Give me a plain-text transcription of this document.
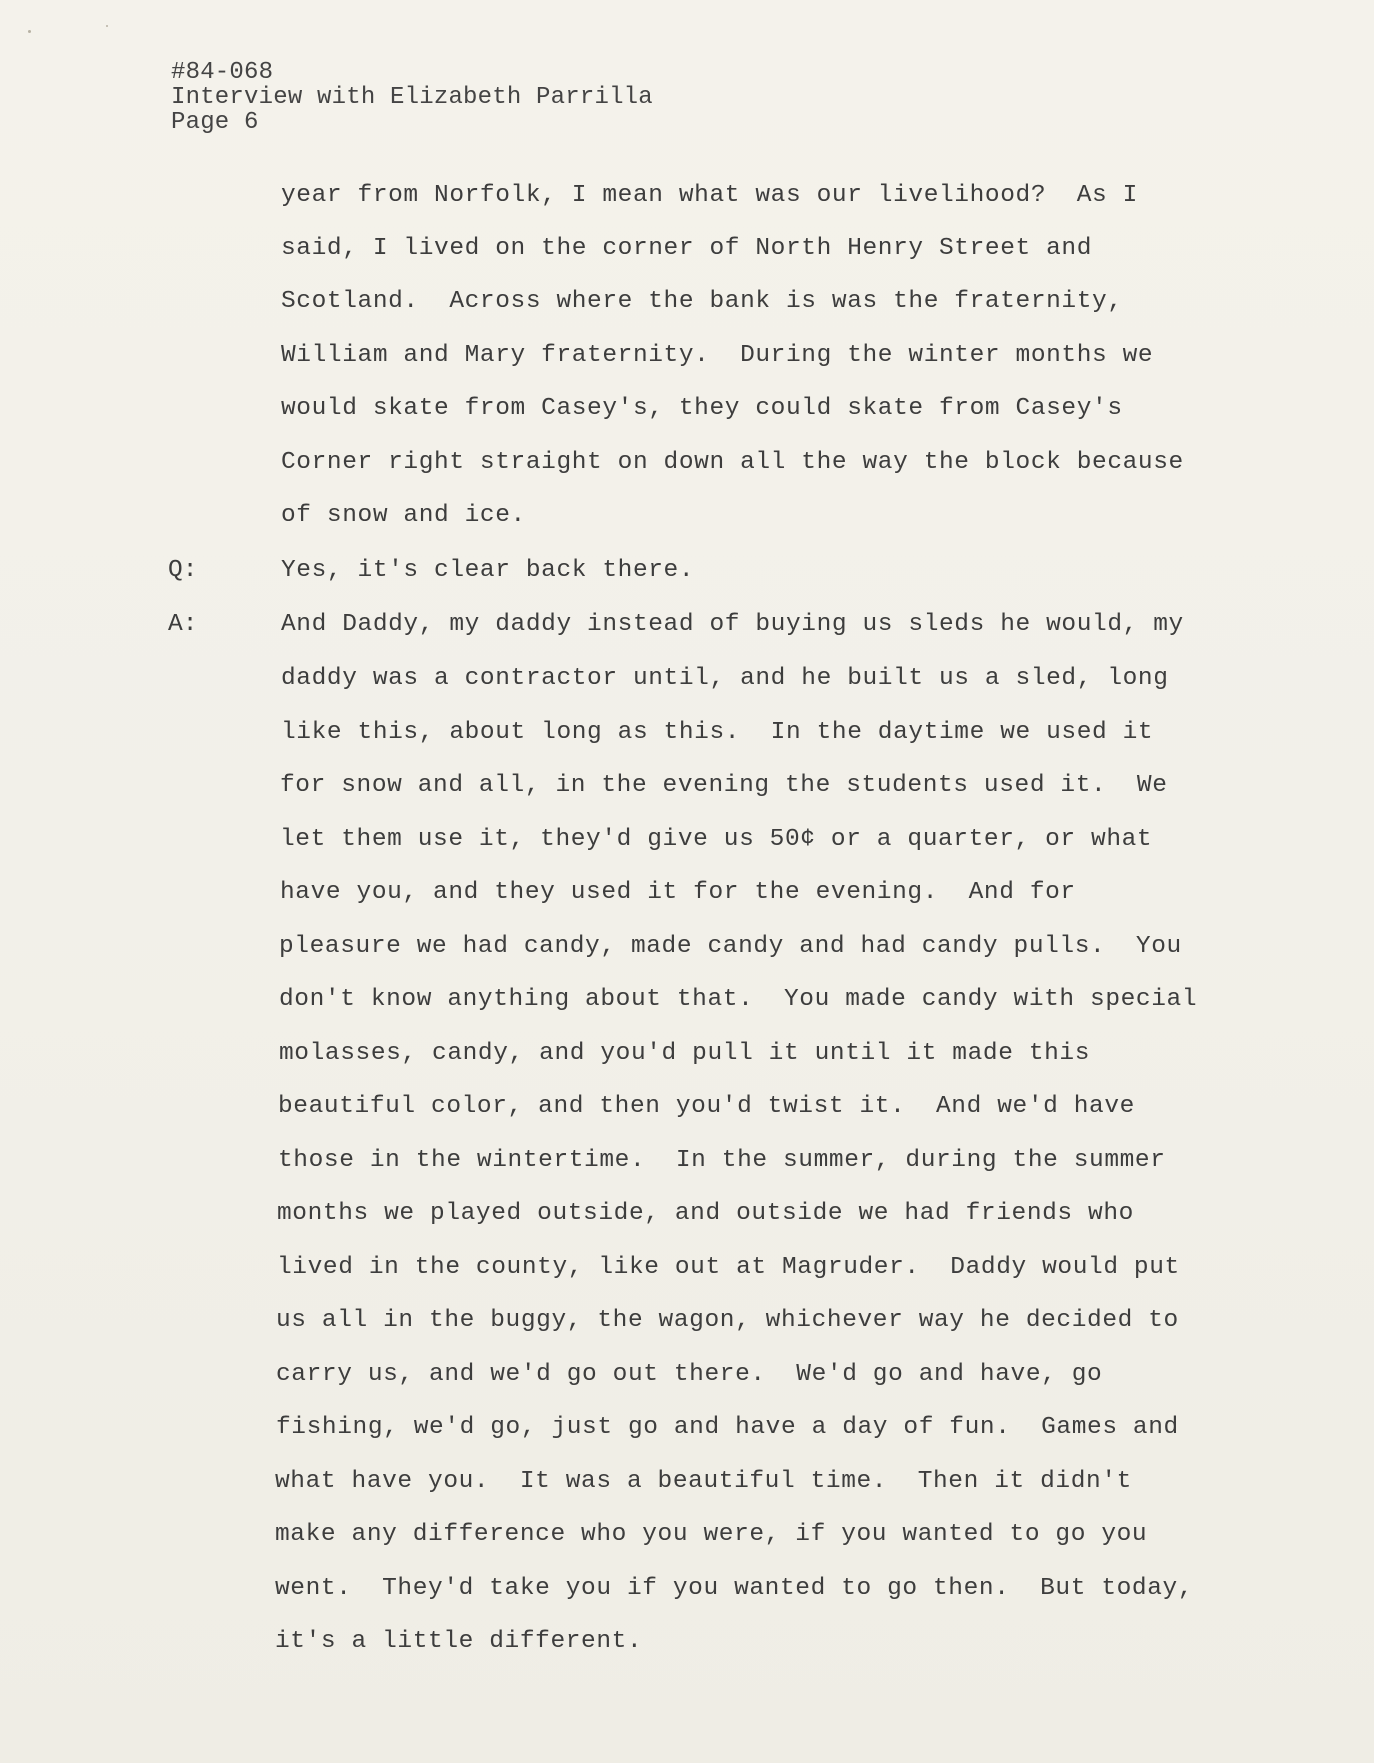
#84-068
Interview with Elizabeth Parrilla
Page 6
year from Norfolk, I mean what was our livelihood?  As I
said, I lived on the corner of North Henry Street and
Scotland.  Across where the bank is was the fraternity,
William and Mary fraternity.  During the winter months we
would skate from Casey's, they could skate from Casey's
Corner right straight on down all the way the block because
of snow and ice.
Yes, it's clear back there.
Q:
And Daddy, my daddy instead of buying us sleds he would, my
A:
daddy was a contractor until, and he built us a sled, long
like this, about long as this.  In the daytime we used it
for snow and all, in the evening the students used it.  We
let them use it, they'd give us 50¢ or a quarter, or what
have you, and they used it for the evening.  And for
pleasure we had candy, made candy and had candy pulls.  You
don't know anything about that.  You made candy with special
molasses, candy, and you'd pull it until it made this
beautiful color, and then you'd twist it.  And we'd have
those in the wintertime.  In the summer, during the summer
months we played outside, and outside we had friends who
lived in the county, like out at Magruder.  Daddy would put
us all in the buggy, the wagon, whichever way he decided to
carry us, and we'd go out there.  We'd go and have, go
fishing, we'd go, just go and have a day of fun.  Games and
what have you.  It was a beautiful time.  Then it didn't
make any difference who you were, if you wanted to go you
went.  They'd take you if you wanted to go then.  But today,
it's a little different.
